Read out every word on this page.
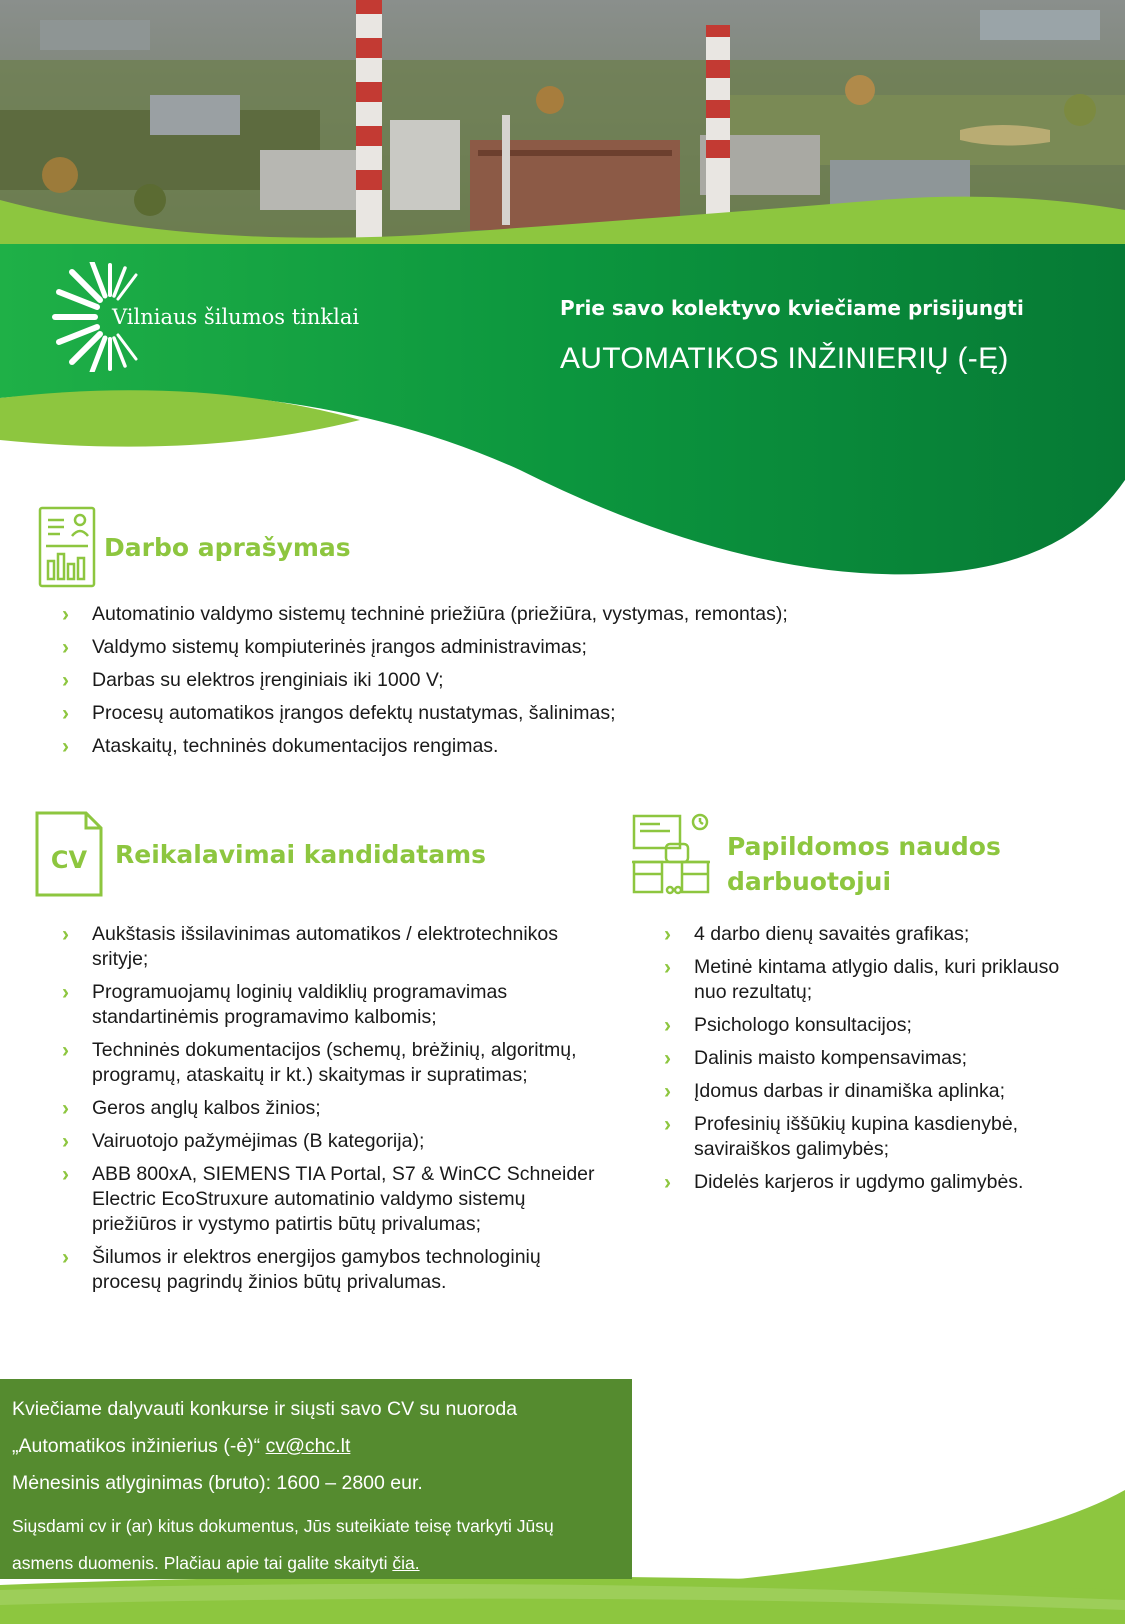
Vilniaus šilumos tinklai	Prie savo kolektyvo kviečiame prisijungti

AUTOMATIKOS INŽINIERIŲ (-Ę)

Darbo aprašymas
› Automatinio valdymo sistemų techninė priežiūra (priežiūra, vystymas, remontas);
› Valdymo sistemų kompiuterinės įrangos administravimas;
› Darbas su elektros įrenginiais iki 1000 V;
› Procesų automatikos įrangos defektų nustatymas, šalinimas;
› Ataskaitų, techninės dokumentacijos rengimas.
CV Reikalavimai kandidatams
› Aukštasis išsilavinimas automatikos / elektrotechnikos srityje;
› Programuojamų loginių valdiklių programavimas standartinėmis programavimo kalbomis;
› Techninės dokumentacijos (schemų, brėžinių, algoritmų, programų, ataskaitų ir kt.) skaitymas ir supratimas;
› Geros anglų kalbos žinios;
› Vairuotojo pažymėjimas (B kategorija);
› ABB 800xA, SIEMENS TIA Portal, S7 & WinCC Schneider Electric EcoStruxure automatinio valdymo sistemų priežiūros ir vystymo patirtis būtų privalumas;
› Šilumos ir elektros energijos gamybos technologinių procesų pagrindų žinios būtų privalumas.
Papildomos naudos darbuotojui
› 4 darbo dienų savaitės grafikas;
› Metinė kintama atlygio dalis, kuri priklauso nuo rezultatų;
› Psichologo konsultacijos;
› Dalinis maisto kompensavimas;
› Įdomus darbas ir dinamiška aplinka;
› Profesinių iššūkių kupina kasdienybė, saviraiškos galimybės;
› Didelės karjeros ir ugdymo galimybės.

Kviečiame dalyvauti konkurse ir siųsti savo CV su nuoroda

„Automatikos inžinierius (-ė)“ cv@chc.lt

Mėnesinis atlyginimas (bruto): 1600 – 2800 eur.

Siųsdami cv ir (ar) kitus dokumentus, Jūs suteikiate teisę tvarkyti Jūsų

asmens duomenis. Plačiau apie tai galite skaityti čia.
